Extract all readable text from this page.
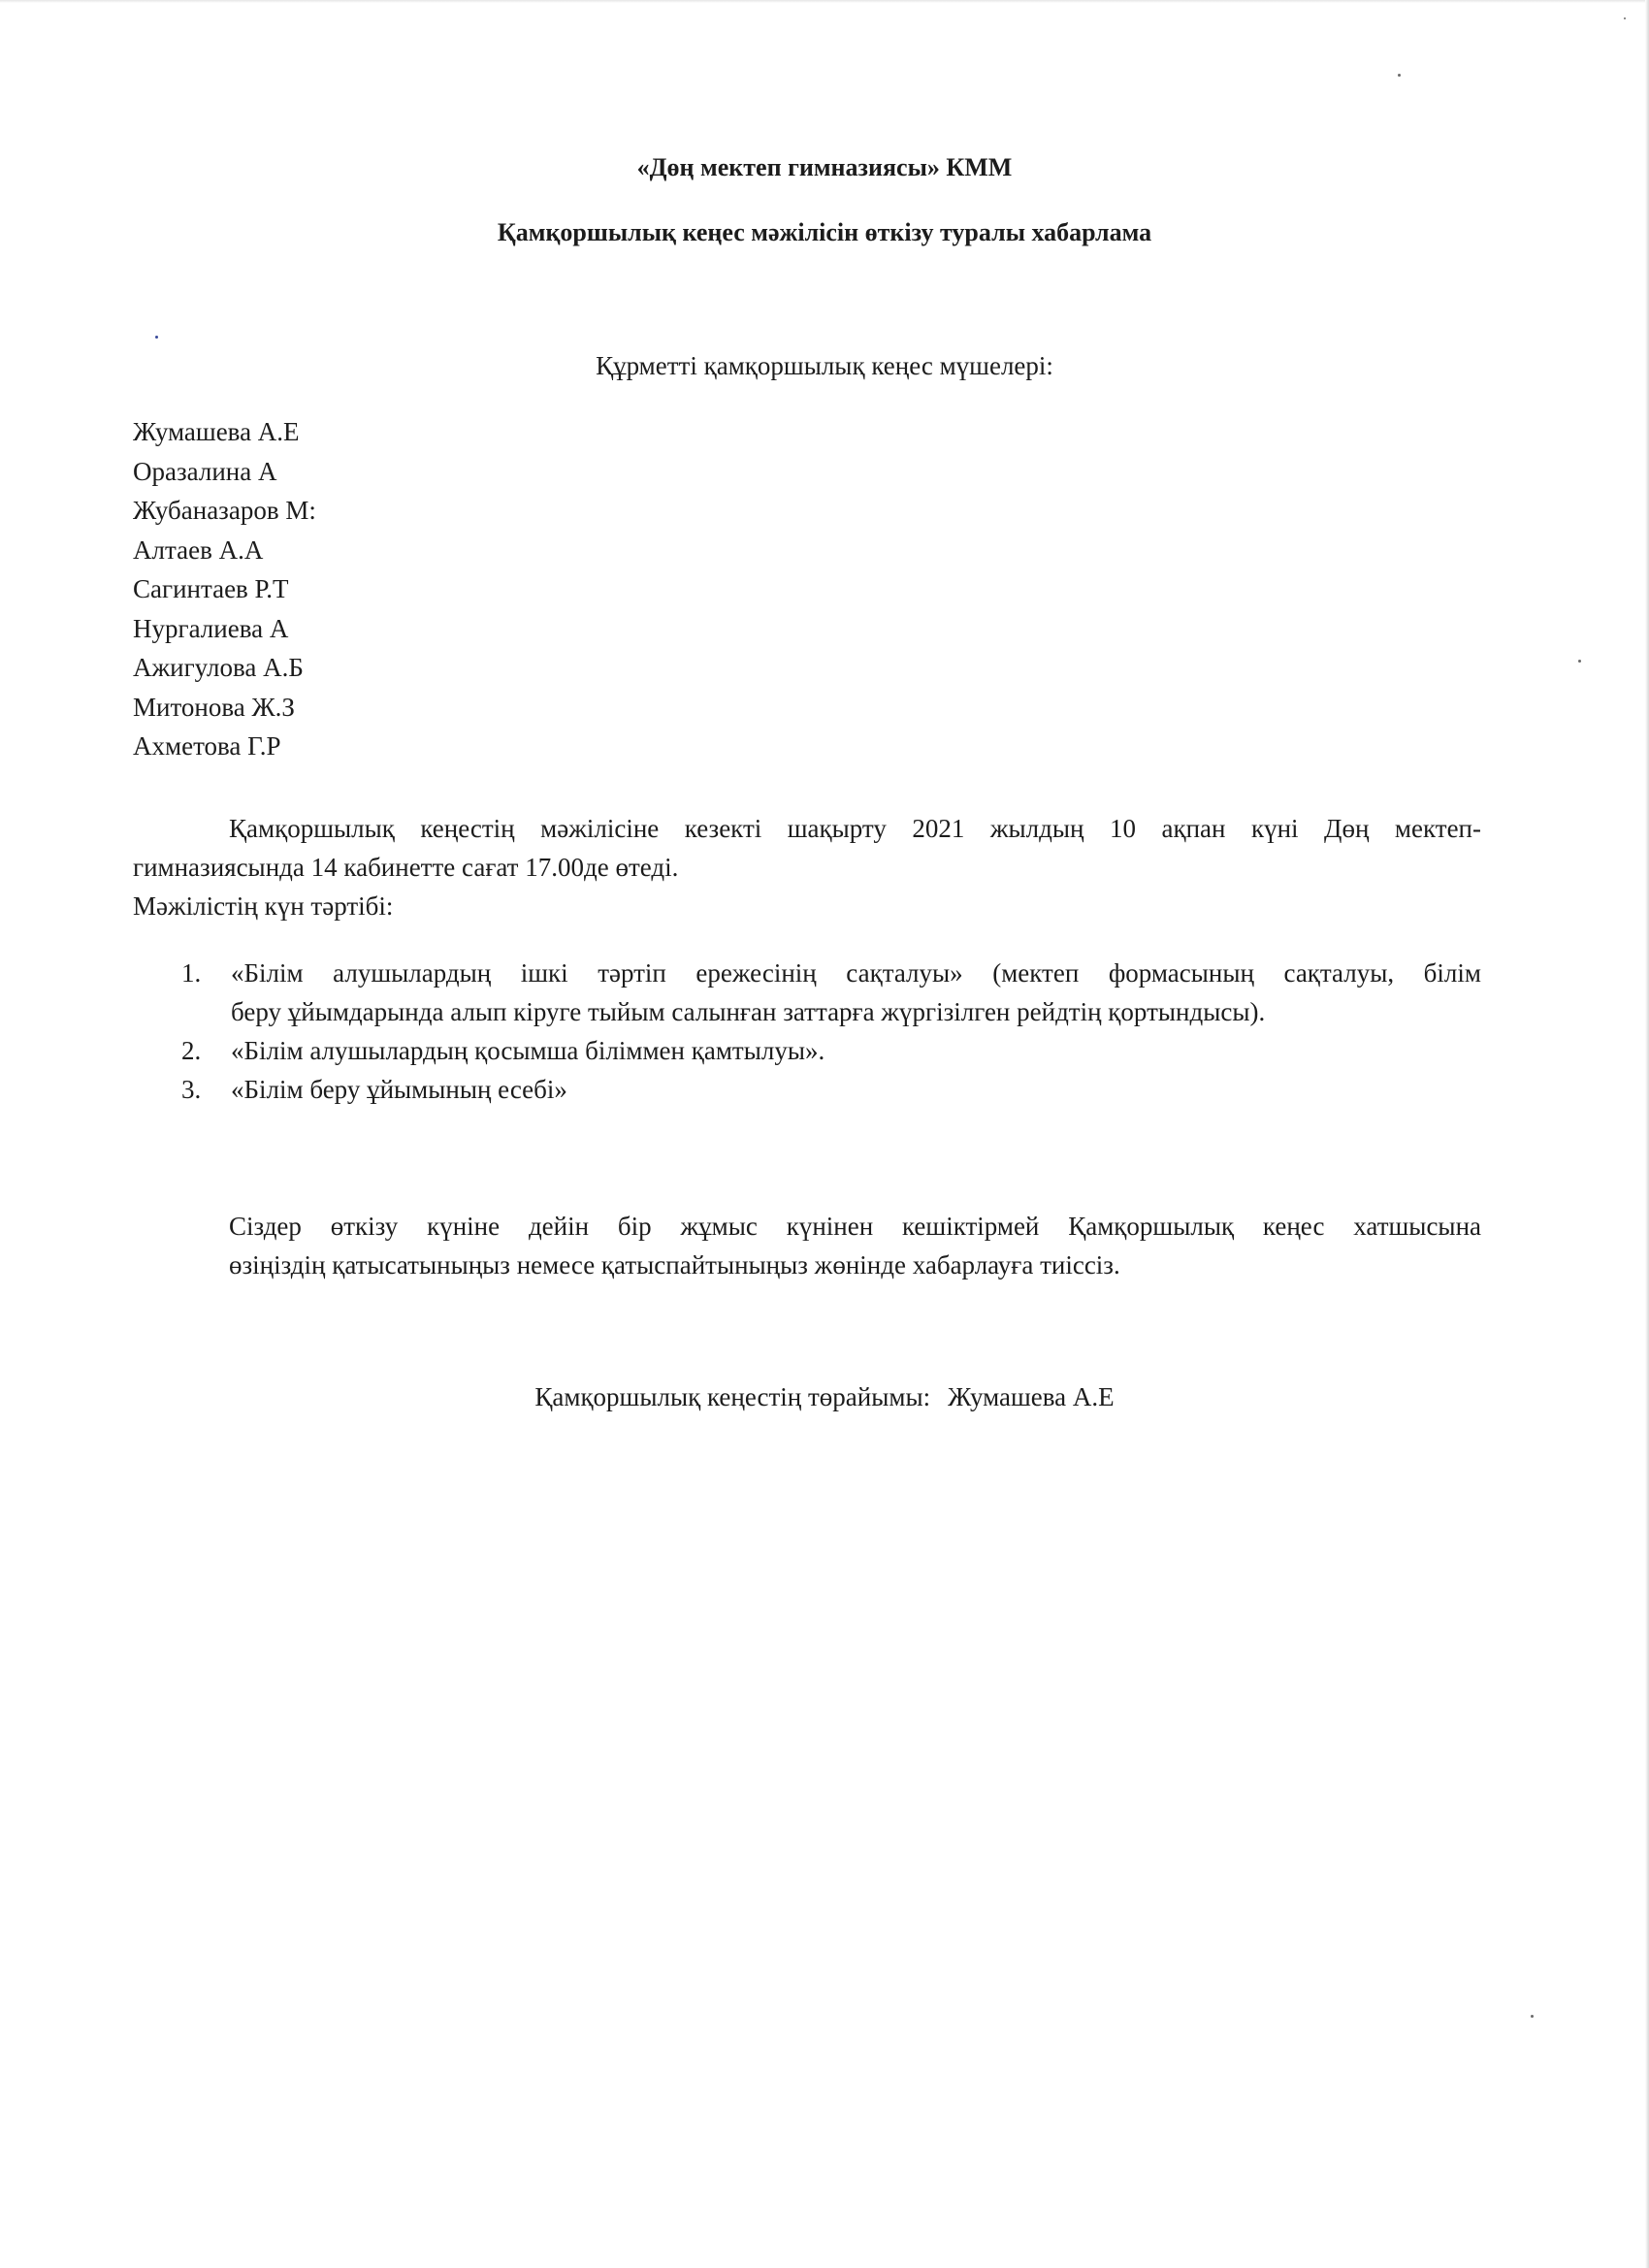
«Дөң мектеп гимназиясы» КММ
Қамқоршылық кеңес мәжілісін өткізу туралы хабарлама
Құрметті қамқоршылық кеңес мүшелері:
Жумашева А.Е
Оразалина А
Жубаназаров М:
Алтаев А.А
Сагинтаев Р.Т
Нургалиева А
Ажигулова А.Б
Митонова Ж.З
Ахметова Г.Р
Қамқоршылық кеңестің мәжілісіне кезекті шақырту 2021 жылдың 10 ақпан күні Дөң мектеп-
гимназиясында 14 кабинетте сағат 17.00де өтеді.
Мәжілістің күн тәртібі:
1. «Білім алушылардың ішкі тәртіп ережесінің сақталуы» (мектеп формасының сақталуы, білім
беру ұйымдарында алып кіруге тыйым салынған заттарға жүргізілген рейдтің қортындысы).
2. «Білім алушылардың қосымша біліммен қамтылуы».
3. «Білім беру ұйымының есебі»
Сіздер өткізу күніне дейін бір жұмыс күнінен кешіктірмей Қамқоршылық кеңес хатшысына
өзіңіздің қатысатыныңыз немесе қатыспайтыныңыз жөнінде хабарлауға тиіссіз.
Қамқоршылық кеңестің төрайымы: Жумашева А.Е
